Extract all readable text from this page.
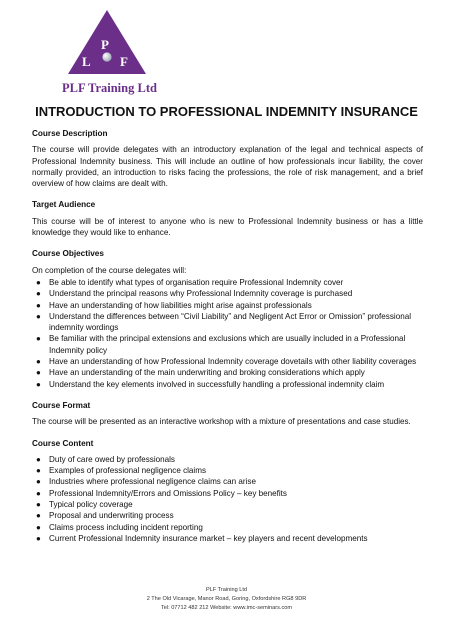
P
L F
PLF Training Ltd
INTRODUCTION TO PROFESSIONAL INDEMNITY INSURANCE

Course Description

The course will provide delegates with an introductory explanation of the legal and technical aspects of Professional Indemnity business. This will include an outline of how professionals incur liability, the cover normally provided, an introduction to risks facing the professions, the role of risk management, and a brief overview of how claims are dealt with.

Target Audience

This course will be of interest to anyone who is new to Professional Indemnity business or has a little knowledge they would like to enhance.

Course Objectives

On completion of the course delegates will:

● Be able to identify what types of organisation require Professional Indemnity cover
● Understand the principal reasons why Professional Indemnity coverage is purchased
● Have an understanding of how liabilities might arise against professionals
● Understand the differences between “Civil Liability” and Negligent Act Error or Omission” professional indemnity wordings
● Be familiar with the principal extensions and exclusions which are usually included in a Professional Indemnity policy
● Have an understanding of how Professional Indemnity coverage dovetails with other liability coverages
● Have an understanding of the main underwriting and broking considerations which apply
● Understand the key elements involved in successfully handling a professional indemnity claim

Course Format

The course will be presented as an interactive workshop with a mixture of presentations and case studies.

Course Content

● Duty of care owed by professionals
● Examples of professional negligence claims
● Industries where professional negligence claims can arise
● Professional Indemnity/Errors and Omissions Policy – key benefits
● Typical policy coverage
● Proposal and underwriting process
● Claims process including incident reporting
● Current Professional Indemnity insurance market – key players and recent developments
PLF Training Ltd
2 The Old Vicarage, Manor Road, Goring, Oxfordshire RG8 9DR
Tel: 07712 482 212 Website: www.imc-seminars.com
